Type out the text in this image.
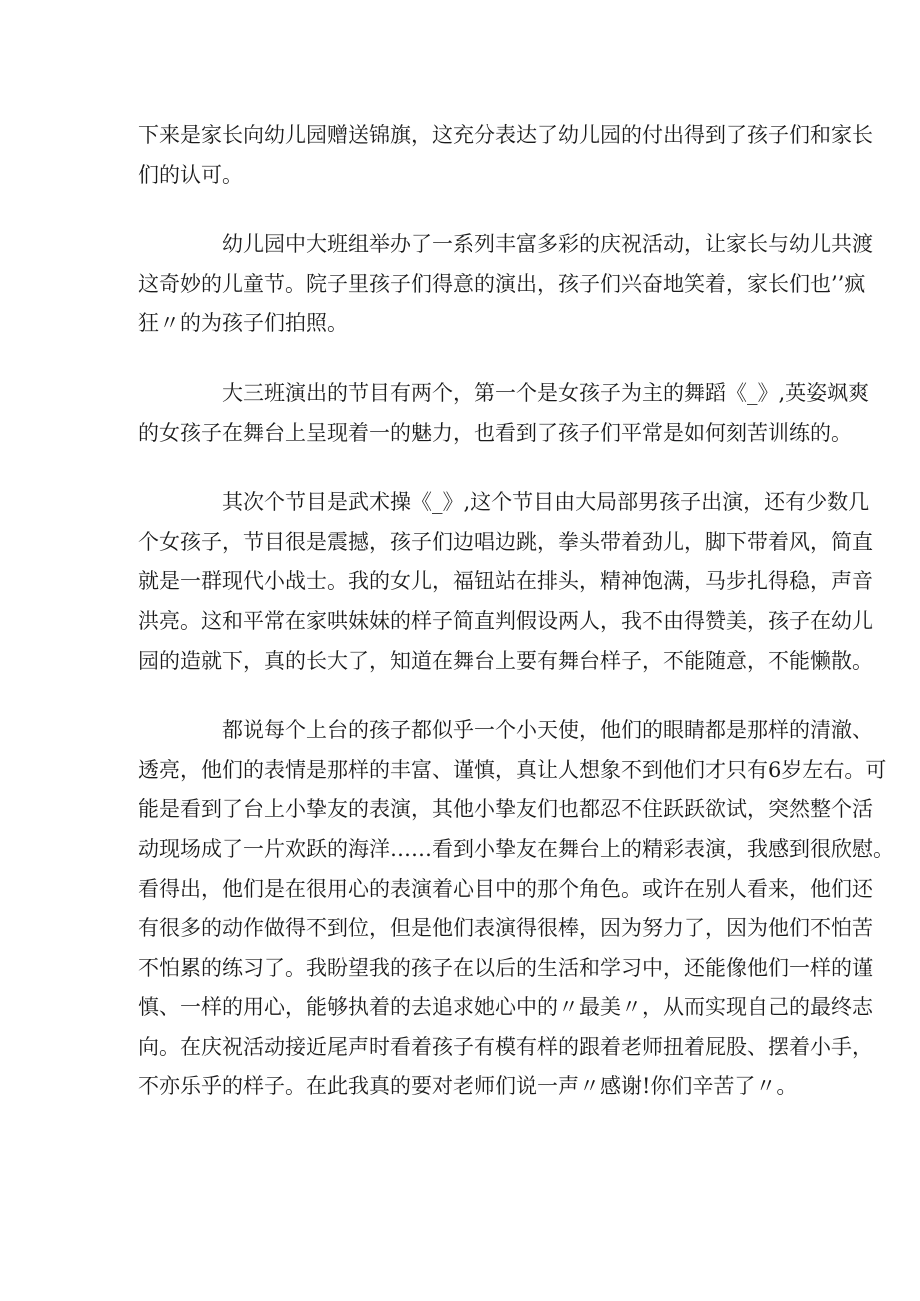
下来是家长向幼儿园赠送锦旗，这充分表达了幼儿园的付出得到了孩子们和家长
们的认可。
幼儿园中大班组举办了一系列丰富多彩的庆祝活动，让家长与幼儿共渡
这奇妙的儿童节。院子里孩子们得意的演出，孩子们兴奋地笑着，家长们也’’疯
狂〃的为孩子们拍照。
大三班演出的节目有两个，第一个是女孩子为主的舞蹈《_》,英姿飒爽
的女孩子在舞台上呈现着一的魅力，也看到了孩子们平常是如何刻苦训练的。
其次个节目是武术操《_》,这个节目由大局部男孩子出演，还有少数几
个女孩子，节目很是震撼，孩子们边唱边跳，拳头带着劲儿，脚下带着风，简直
就是一群现代小战士。我的女儿，福钮站在排头，精神饱满，马步扎得稳，声音
洪亮。这和平常在家哄妹妹的样子简直判假设两人，我不由得赞美，孩子在幼儿
园的造就下，真的长大了，知道在舞台上要有舞台样子，不能随意，不能懒散。
都说每个上台的孩子都似乎一个小天使，他们的眼睛都是那样的清澈、
透亮，他们的表情是那样的丰富、谨慎，真让人想象不到他们才只有6岁左右。可
能是看到了台上小挚友的表演，其他小挚友们也都忍不住跃跃欲试，突然整个活
动现场成了一片欢跃的海洋……看到小挚友在舞台上的精彩表演，我感到很欣慰。
看得出，他们是在很用心的表演着心目中的那个角色。或许在别人看来，他们还
有很多的动作做得不到位，但是他们表演得很棒，因为努力了，因为他们不怕苦
不怕累的练习了。我盼望我的孩子在以后的生活和学习中，还能像他们一样的谨
慎、一样的用心，能够执着的去追求她心中的〃最美〃，从而实现自己的最终志
向。在庆祝活动接近尾声时看着孩子有模有样的跟着老师扭着屁股、摆着小手，
不亦乐乎的样子。在此我真的要对老师们说一声〃感谢!你们辛苦了〃。
